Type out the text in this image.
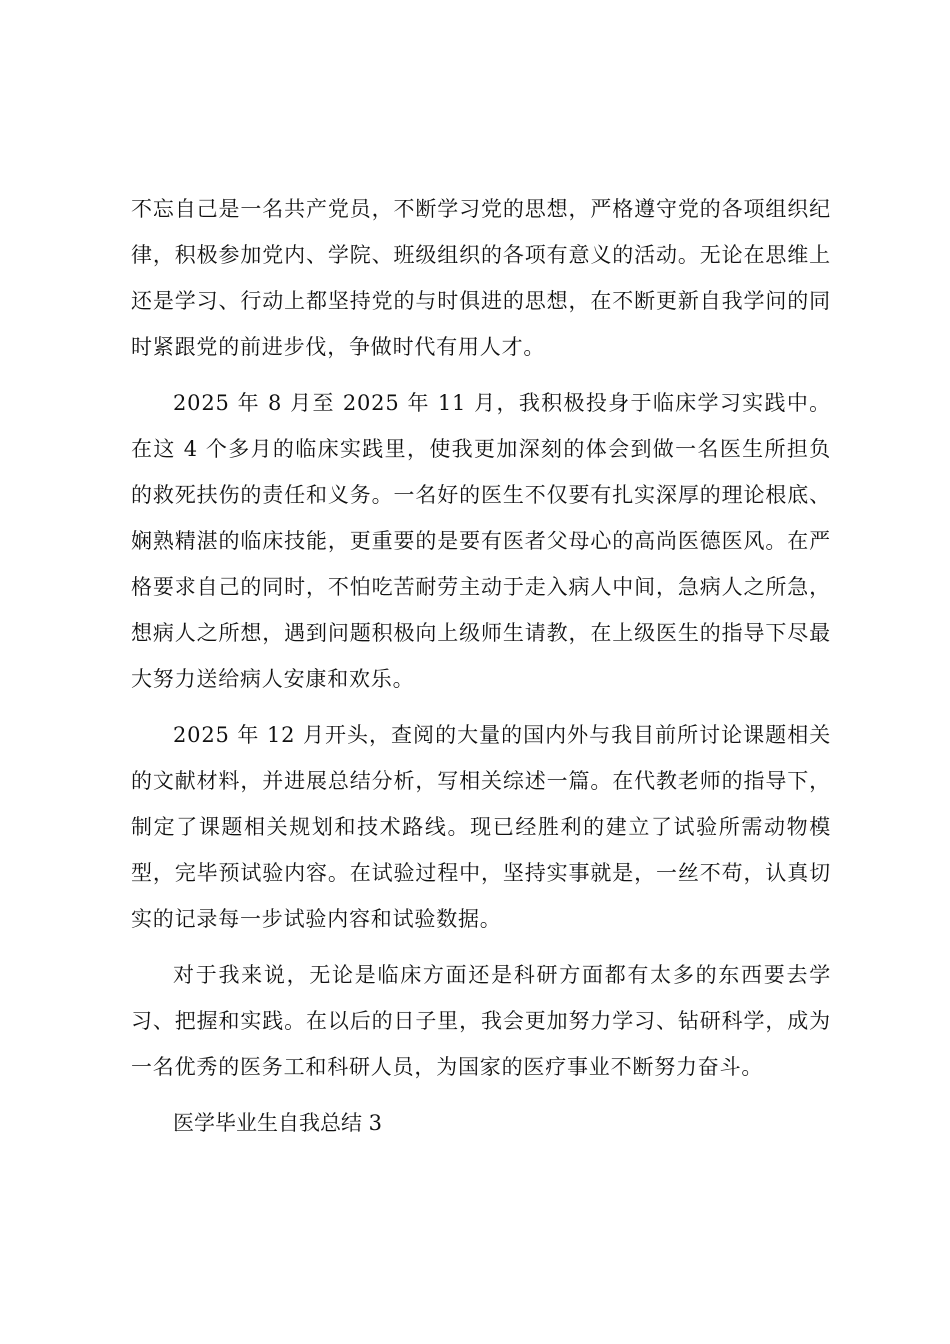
不忘自己是一名共产党员，不断学习党的思想，严格遵守党的各项组织纪律，积极参加党内、学院、班级组织的各项有意义的活动。无论在思维上还是学习、行动上都坚持党的与时俱进的思想，在不断更新自我学问的同时紧跟党的前进步伐，争做时代有用人才。

2025 年 8 月至 2025 年 11 月，我积极投身于临床学习实践中。在这 4 个多月的临床实践里，使我更加深刻的体会到做一名医生所担负的救死扶伤的责任和义务。一名好的医生不仅要有扎实深厚的理论根底、娴熟精湛的临床技能，更重要的是要有医者父母心的高尚医德医风。在严格要求自己的同时，不怕吃苦耐劳主动于走入病人中间，急病人之所急，想病人之所想，遇到问题积极向上级师生请教，在上级医生的指导下尽最大努力送给病人安康和欢乐。

2025 年 12 月开头，查阅的大量的国内外与我目前所讨论课题相关的文献材料，并进展总结分析，写相关综述一篇。在代教老师的指导下，制定了课题相关规划和技术路线。现已经胜利的建立了试验所需动物模型，完毕预试验内容。在试验过程中，坚持实事就是，一丝不苟，认真切实的记录每一步试验内容和试验数据。

对于我来说，无论是临床方面还是科研方面都有太多的东西要去学习、把握和实践。在以后的日子里，我会更加努力学习、钻研科学，成为一名优秀的医务工和科研人员，为国家的医疗事业不断努力奋斗。

医学毕业生自我总结 3
